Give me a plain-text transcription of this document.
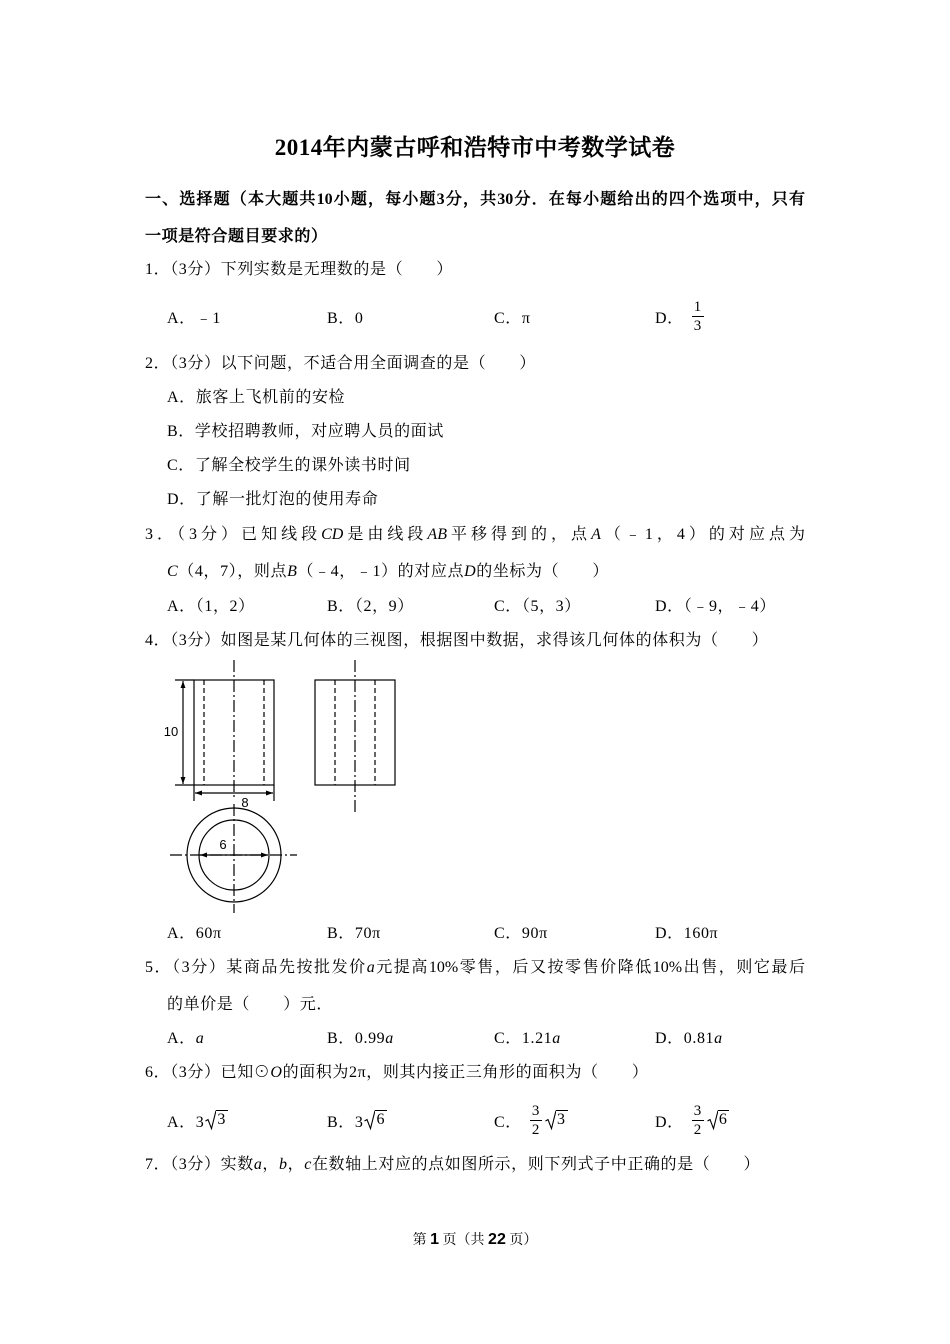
2014年内蒙古呼和浩特市中考数学试卷
一、选择题（本大题共10小题，每小题3分，共30分．在每小题给出的四个选项中，只有
一项是符合题目要求的）
1．（3分）下列实数是无理数的是（　　）
A．﹣1	B．0	C．π	D． $\frac{1}{3}$
2．（3分）以下问题，不适合用全面调查的是（　　）
A．旅客上飞机前的安检
B．学校招聘教师，对应聘人员的面试
C．了解全校学生的课外读书时间
D．了解一批灯泡的使用寿命
3．（3分）已知线段CD是由线段AB平移得到的，点A（﹣1，4）的对应点为
C（4，7），则点B（﹣4，﹣1）的对应点D的坐标为（　　）
A．（1，2）	B．（2，9）	C．（5，3）	D．（﹣9，﹣4）
4．（3分）如图是某几何体的三视图，根据图中数据，求得该几何体的体积为（　　）
10
8
6
A．60π	B．70π	C．90π	D．160π
5．（3分）某商品先按批发价a元提高10%零售，后又按零售价降低10%出售，则它最后
的单价是（　　）元．
A．a	B．0.99a	C．1.21a	D．0.81a
6．（3分）已知⊙O的面积为2π，则其内接正三角形的面积为（　　）
A．3 3	B．3 6	C． $\frac{3}{2} 3$	D． $\frac{3}{2} 6$
7．（3分）实数a，b，c在数轴上对应的点如图所示，则下列式子中正确的是（　　）
第 1 页（共 22 页）
